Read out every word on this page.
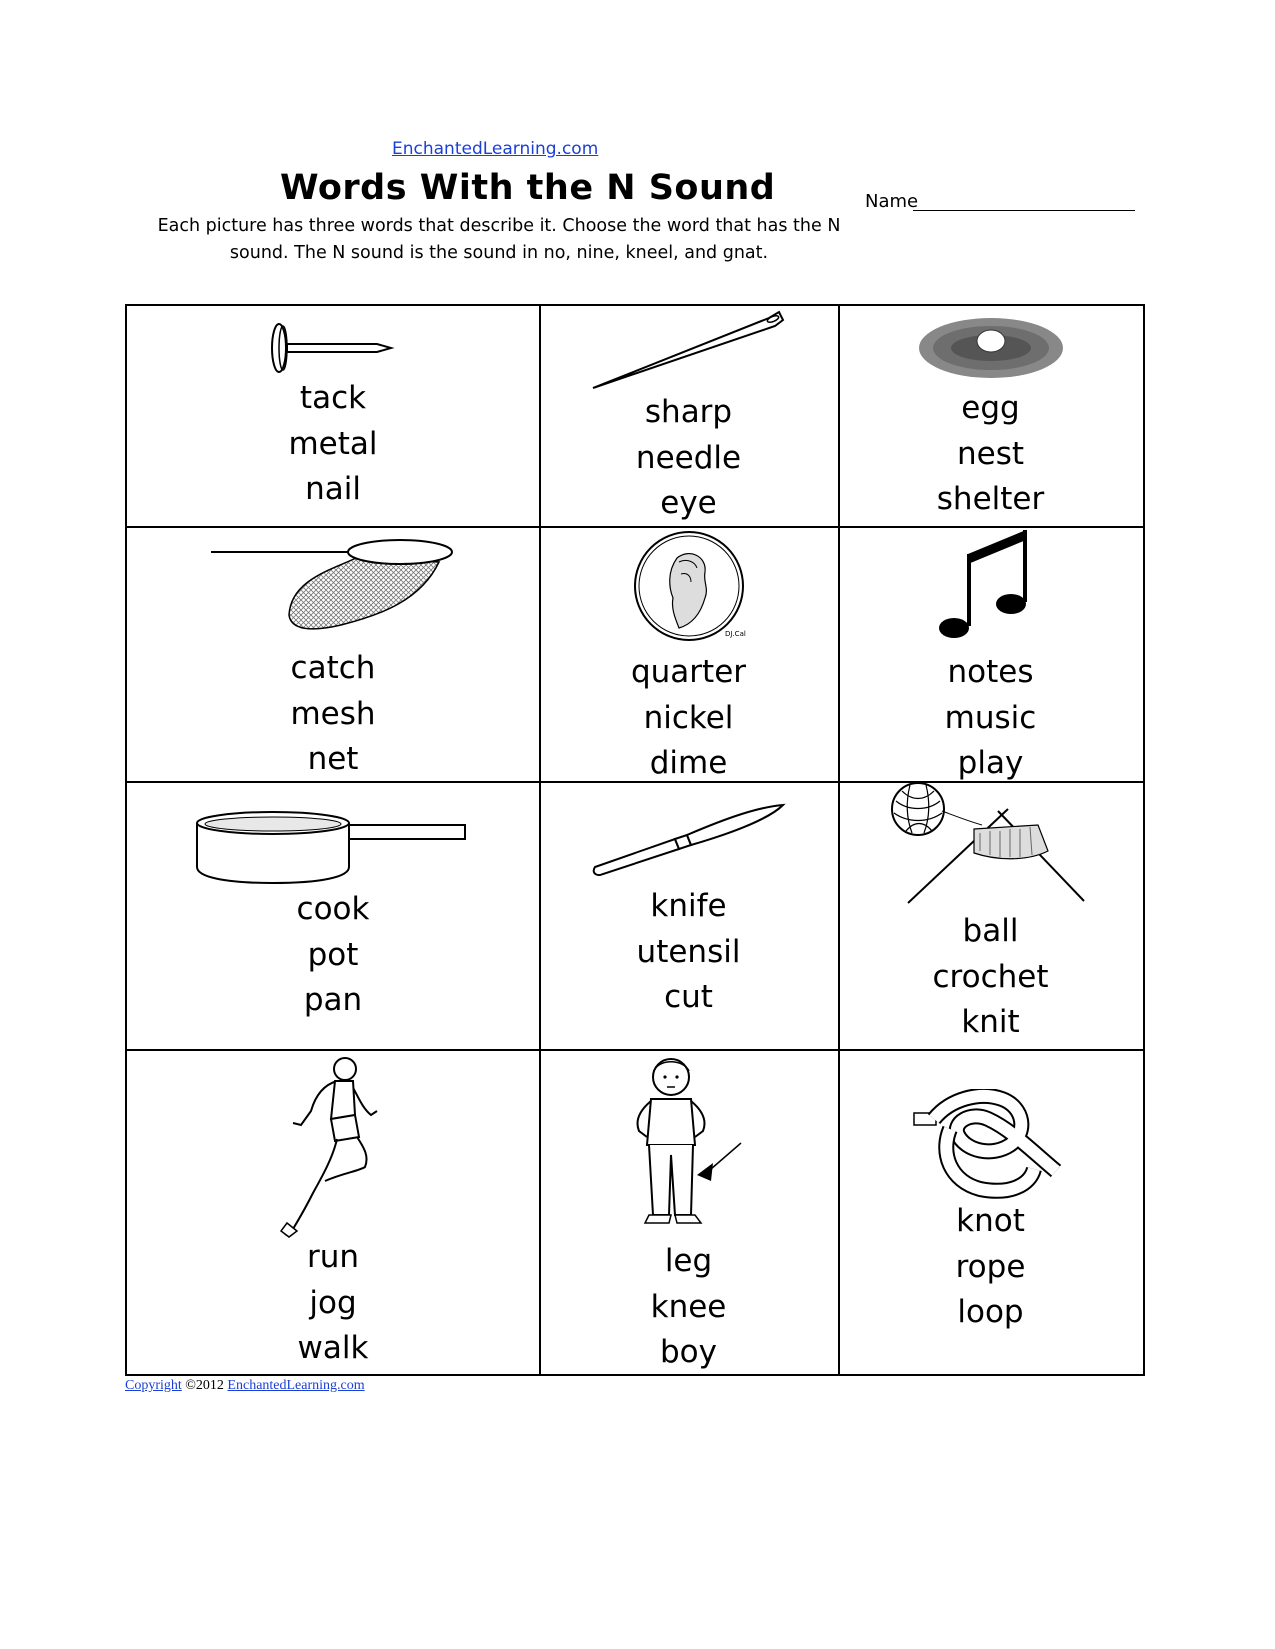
EnchantedLearning.com
Words With the N Sound	Name
Each picture has three words that describe it. Choose the word that has the N sound. The N sound is the sound in no, nine, kneel, and gnat.
tack
metal
nail
sharp
needle
eye
egg
nest
shelter
catch
mesh
net
DJ.Cal
quarter
nickel
dime
notes
music
play
cook
pot
pan
knife
utensil
cut
ball
crochet
knit
run
jog
walk
leg
knee
boy
knot
rope
loop
Copyright ©2012 EnchantedLearning.com
